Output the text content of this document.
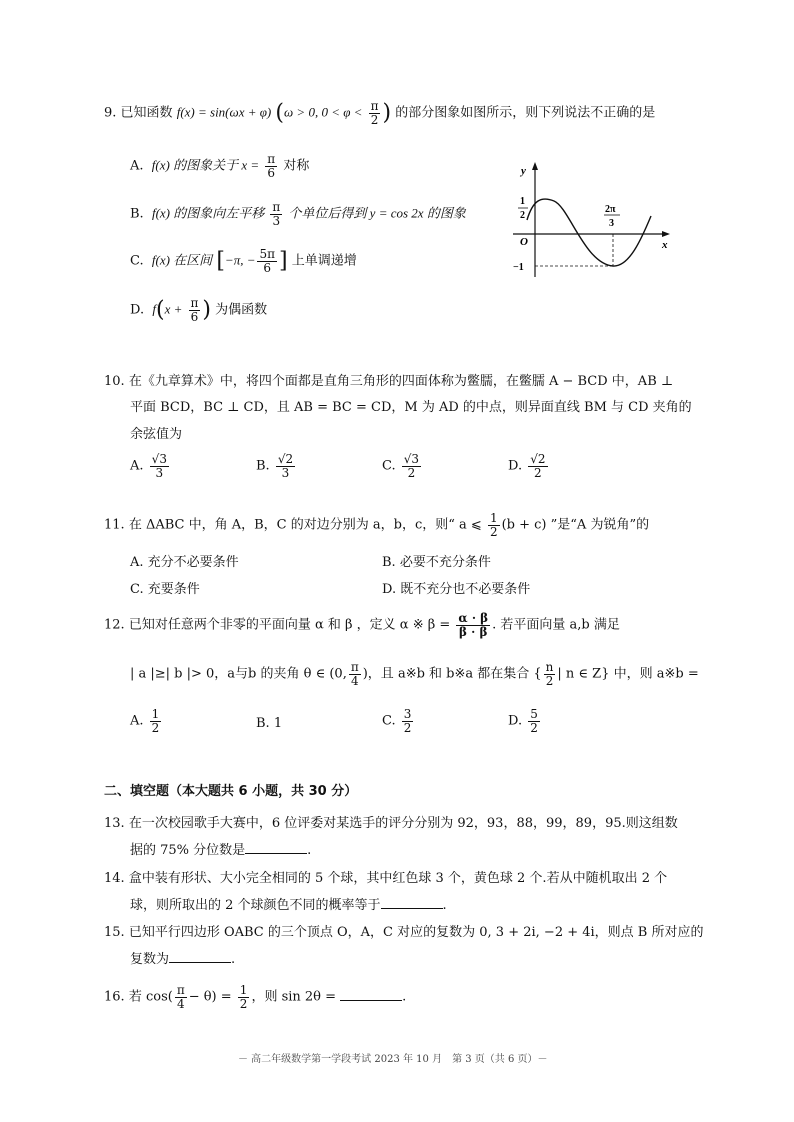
9. 已知函数 f(x) = sin(ωx + φ) (ω > 0, $0 < \varphi < \frac{\pi}{2}$ ) 的部分图象如图所示，则下列说法不正确的是
A. f(x) 的图象关于 $x = \frac{\pi}{6}$ 对称
B. f(x) 的图象向左平移 $\frac{\pi}{3}$ 个单位后得到 y = cos 2x 的图象
C. f(x) 在区间 [−π, − $\frac{5\pi}{6}$ ] 上单调递增
D. $f(x + \frac{\pi}{6}$ ) 为偶函数
y
x
O
1
2
−1
2π
3
10. 在《九章算术》中，将四个面都是直角三角形的四面体称为鳖臑，在鳖臑 A − BCD 中，AB ⊥
平面 BCD，BC ⊥ CD，且 AB = BC = CD，M 为 AD 的中点，则异面直线 BM 与 CD 夹角的
余弦值为
A. $\frac{√3}{3}$	B. $\frac{√2}{3}$	C. $\frac{√3}{2}$	D. $\frac{√2}{2}$
11. 在 ΔABC 中，角 A，B，C 的对边分别为 a，b，c，则“ a ⩽ $\frac{1}{2} (b + c)$ ”是“A 为锐角”的
A. 充分不必要条件	B. 必要不充分条件
C. 充要条件	D. 既不充分也不必要条件
12. 已知对任意两个非零的平面向量 α 和 β ，定义 α ※ $\beta = \frac{\alpha \cdot \beta}{\beta \cdot \beta}$ . 若平面向量 a,b 满足
| a |≥| b |> 0，a与b 的夹角 θ ∈ (0, $\frac{\pi}{4}$ )，且 a※b 和 b※a 都在集合 { $\frac{n}{2}$ | n ∈ Z} 中，则 a※b =
A. $\frac{1}{2}$	B. 1	C. $\frac{3}{2}$	D. $\frac{5}{2}$
二、填空题（本大题共 6 小题，共 30 分）
13. 在一次校园歌手大赛中，6 位评委对某选手的评分分别为 92，93，88，99，89，95.则这组数
据的 75% 分位数是	.
14. 盒中装有形状、大小完全相同的 5 个球，其中红色球 3 个，黄色球 2 个.若从中随机取出 2 个
球，则所取出的 2 个球颜色不同的概率等于	.
15. 已知平行四边形 OABC 的三个顶点 O，A，C 对应的复数为 0, 3 + 2i, −2 + 4i，则点 B 所对应的
复数为	.
16. 若 $\cos( \frac{\pi}{4} - \theta) = \frac{1}{2}$ ，则 sin 2θ =	.
－ 高二年级数学第一学段考试 2023 年 10 月　第 3 页（共 6 页）－
